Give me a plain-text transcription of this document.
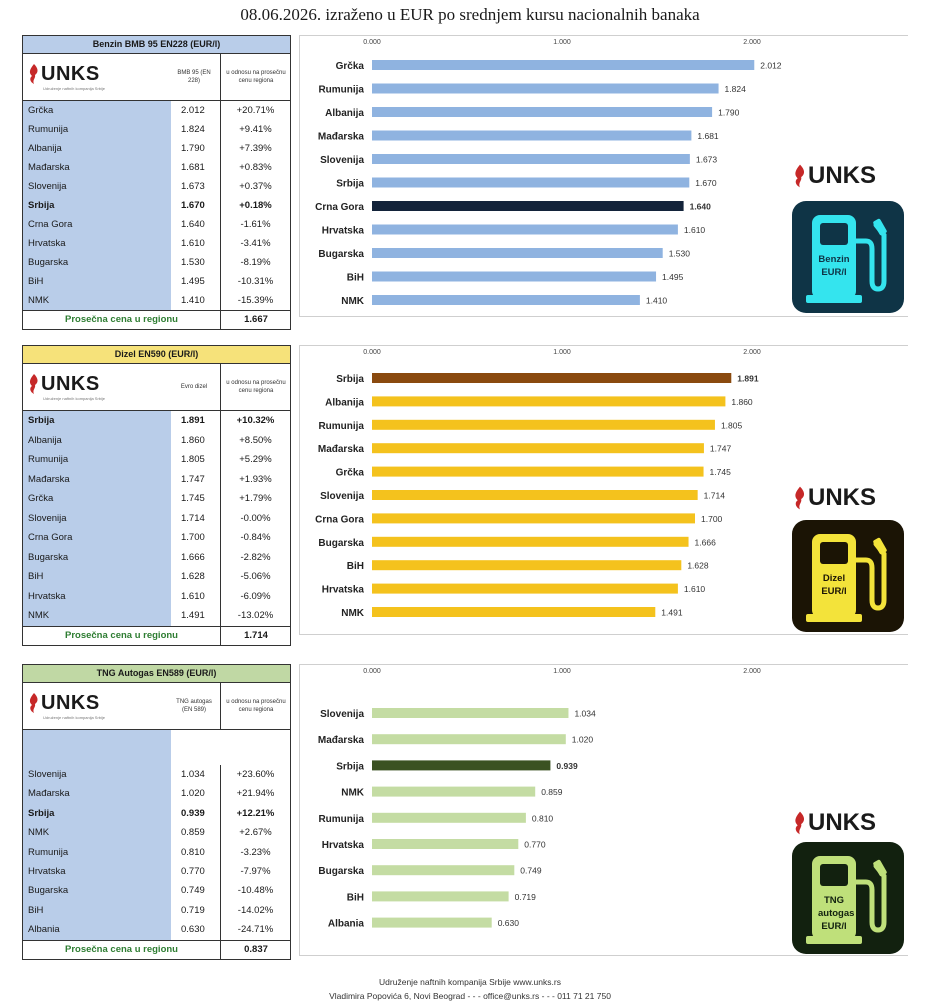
08.06.2026. izraženo u EUR po srednjem kursu nacionalnih banaka
Benzin BMB 95 EN228 (EUR/l)
UNKS
Udruženje naftnih kompanija Srbije
BMB 95 (EN 228)
u odnosu na prosečnu cenu regiona
Grčka	2.012	+20.71%
Rumunija	1.824	+9.41%
Albanija	1.790	+7.39%
Mađarska	1.681	+0.83%
Slovenija	1.673	+0.37%
Srbija	1.670	+0.18%
Crna Gora	1.640	-1.61%
Hrvatska	1.610	-3.41%
Bugarska	1.530	-8.19%
BiH	1.495	-10.31%
NMK	1.410	-15.39%
Prosečna cena u regionu	1.667
0.000	1.000	2.000
Grčka	2.012
Rumunija	1.824
Albanija	1.790
Mađarska	1.681
Slovenija	1.673
Srbija	1.670
Crna Gora	1.640
Hrvatska	1.610
Bugarska	1.530
BiH	1.495
NMK	1.410
UNKS
Benzin EUR/l
Dizel EN590 (EUR/l)
UNKS
Udruženje naftnih kompanija Srbije
Evro dizel
u odnosu na prosečnu cenu regiona
Srbija	1.891	+10.32%
Albanija	1.860	+8.50%
Rumunija	1.805	+5.29%
Mađarska	1.747	+1.93%
Grčka	1.745	+1.79%
Slovenija	1.714	-0.00%
Crna Gora	1.700	-0.84%
Bugarska	1.666	-2.82%
BiH	1.628	-5.06%
Hrvatska	1.610	-6.09%
NMK	1.491	-13.02%
Prosečna cena u regionu	1.714
0.000	1.000	2.000
Srbija	1.891
Albanija	1.860
Rumunija	1.805
Mađarska	1.747
Grčka	1.745
Slovenija	1.714
Crna Gora	1.700
Bugarska	1.666
BiH	1.628
Hrvatska	1.610
NMK	1.491
UNKS
Dizel EUR/l
TNG Autogas EN589 (EUR/l)
UNKS
Udruženje naftnih kompanija Srbije
TNG autogas (EN 589)
u odnosu na prosečnu cenu regiona
Slovenija	1.034	+23.60%
Mađarska	1.020	+21.94%
Srbija	0.939	+12.21%
NMK	0.859	+2.67%
Rumunija	0.810	-3.23%
Hrvatska	0.770	-7.97%
Bugarska	0.749	-10.48%
BiH	0.719	-14.02%
Albania	0.630	-24.71%
Prosečna cena u regionu	0.837
0.000	1.000	2.000
Slovenija	1.034
Mađarska	1.020
Srbija	0.939
NMK	0.859
Rumunija	0.810
Hrvatska	0.770
Bugarska	0.749
BiH	0.719
Albania	0.630
UNKS
TNG autogas EUR/l
Udruženje naftnih kompanija Srbije www.unks.rs
Vladimira Popovića 6, Novi Beograd - - - office@unks.rs - - - 011 71 21 750
